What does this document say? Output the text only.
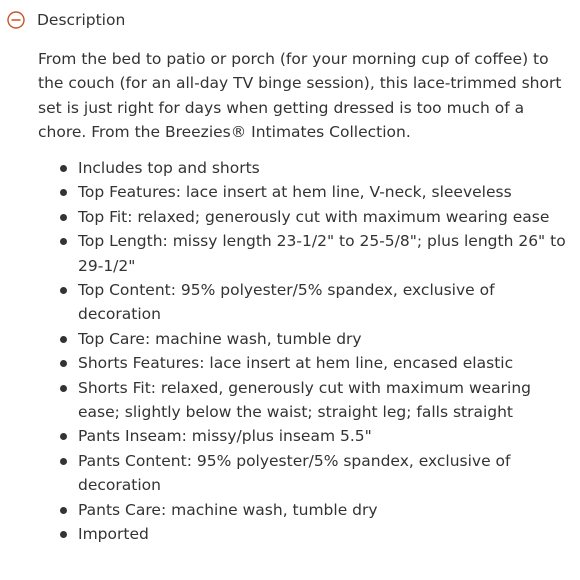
Description

From the bed to patio or porch (for your morning cup of coffee) to the couch (for an all-day TV binge session), this lace-trimmed short set is just right for days when getting dressed is too much of a chore. From the Breezies® Intimates Collection.

Includes top and shorts
Top Features: lace insert at hem line, V-neck, sleeveless
Top Fit: relaxed; generously cut with maximum wearing ease
Top Length: missy length 23-1/2" to 25-5/8"; plus length 26" to 29-1/2"
Top Content: 95% polyester/5% spandex, exclusive of decoration
Top Care: machine wash, tumble dry
Shorts Features: lace insert at hem line, encased elastic
Shorts Fit: relaxed, generously cut with maximum wearing ease; slightly below the waist; straight leg; falls straight
Pants Inseam: missy/plus inseam 5.5"
Pants Content: 95% polyester/5% spandex, exclusive of decoration
Pants Care: machine wash, tumble dry
Imported
